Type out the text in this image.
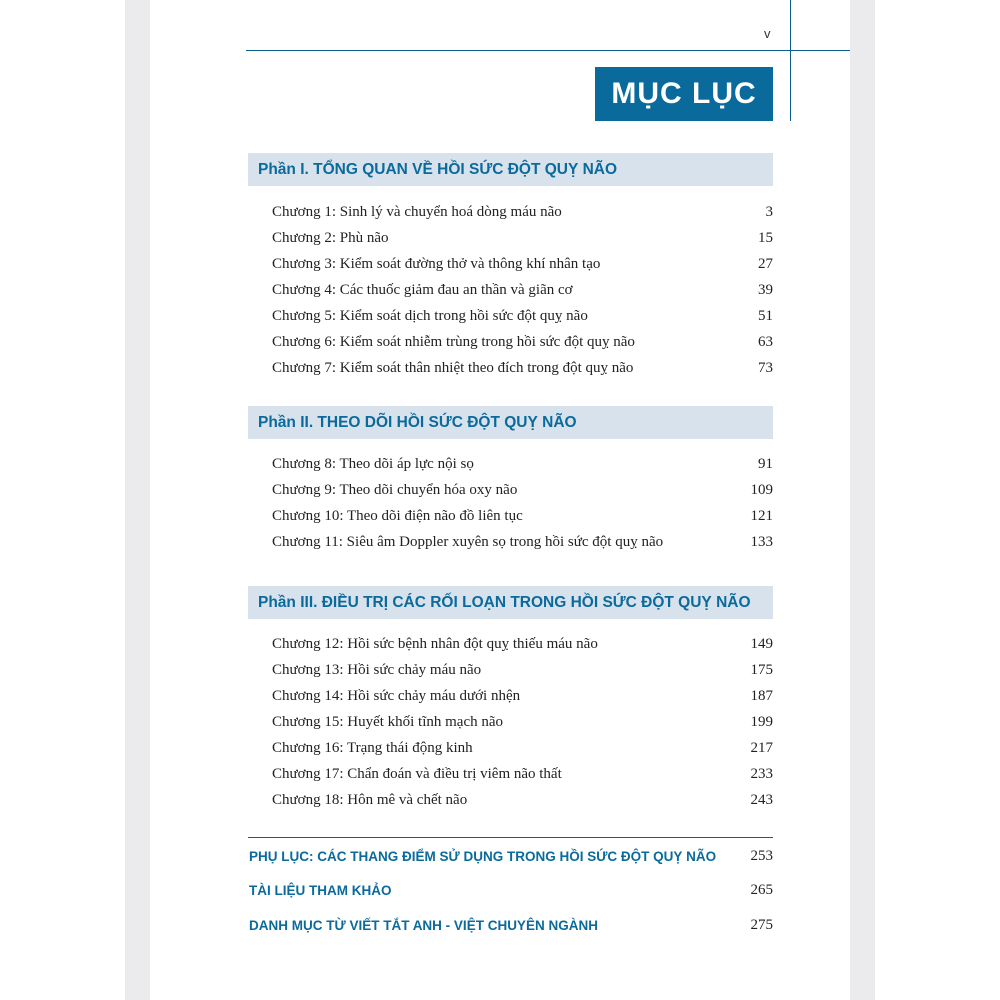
v
MỤC LỤC
Phần I. TỔNG QUAN VỀ HỒI SỨC ĐỘT QUỴ NÃO
Chương 1: Sinh lý và chuyển hoá dòng máu não	3
Chương 2: Phù não	15
Chương 3: Kiểm soát đường thở và thông khí nhân tạo	27
Chương 4: Các thuốc giảm đau an thần và giãn cơ	39
Chương 5: Kiểm soát dịch trong hồi sức đột quỵ não	51
Chương 6: Kiểm soát nhiễm trùng trong hồi sức đột quỵ não	63
Chương 7: Kiểm soát thân nhiệt theo đích trong đột quỵ não	73
Phần II. THEO DÕI HỒI SỨC ĐỘT QUỴ NÃO
Chương 8: Theo dõi áp lực nội sọ	91
Chương 9: Theo dõi chuyển hóa oxy não	109
Chương 10: Theo dõi điện não đồ liên tục	121
Chương 11: Siêu âm Doppler xuyên sọ trong hồi sức đột quỵ não	133
Phần III. ĐIỀU TRỊ CÁC RỐI LOẠN TRONG HỒI SỨC ĐỘT QUỴ NÃO
Chương 12: Hồi sức bệnh nhân đột quỵ thiếu máu não	149
Chương 13: Hồi sức chảy máu não	175
Chương 14: Hồi sức chảy máu dưới nhện	187
Chương 15: Huyết khối tĩnh mạch não	199
Chương 16: Trạng thái động kinh	217
Chương 17: Chẩn đoán và điều trị viêm não thất	233
Chương 18: Hôn mê và chết não	243
PHỤ LỤC: CÁC THANG ĐIỂM SỬ DỤNG TRONG HỒI SỨC ĐỘT QUỴ NÃO 253
TÀI LIỆU THAM KHẢO	265
DANH MỤC TỪ VIẾT TẮT ANH - VIỆT CHUYÊN NGÀNH	275
